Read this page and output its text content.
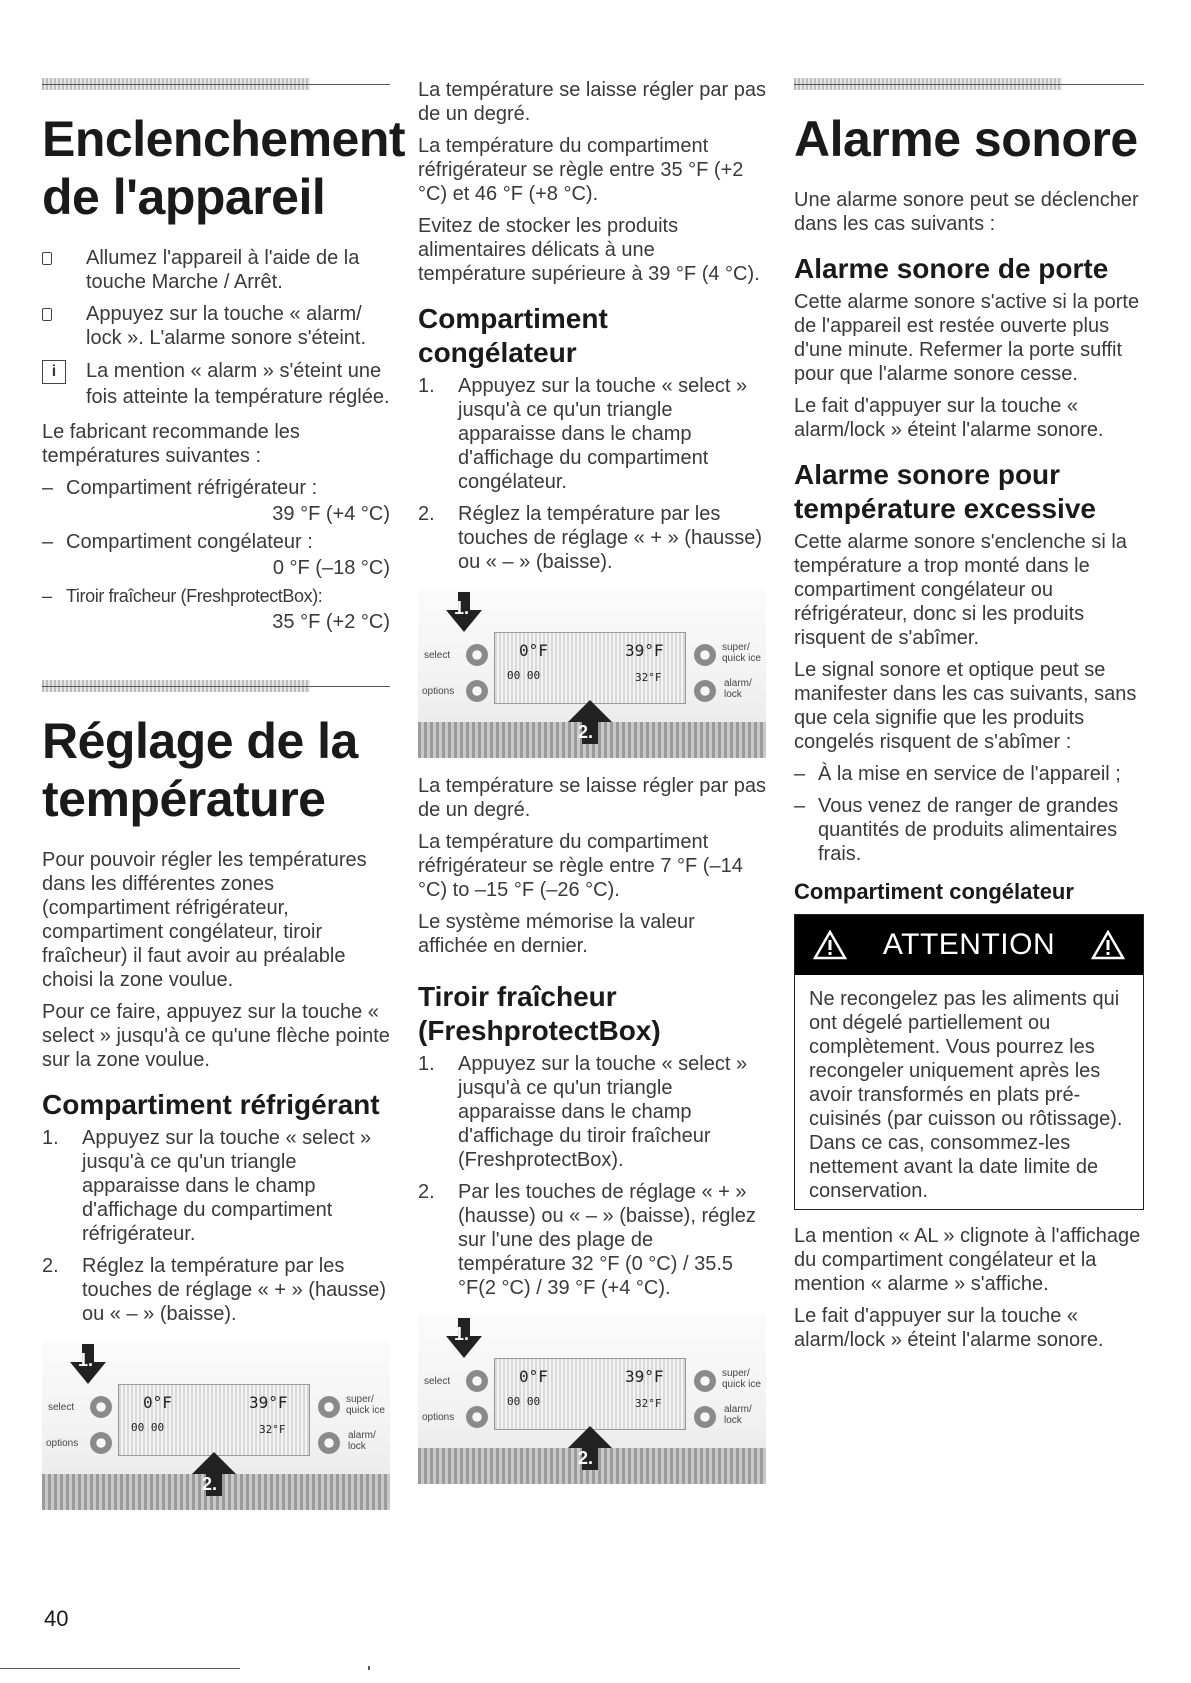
Enclenchement de l'appareil
Allumez l'appareil à l'aide de la touche Marche / Arrêt.
Appuyez sur la touche « alarm/ lock ». L'alarme sonore s'éteint.
i	La mention « alarm » s'éteint une fois atteinte la température réglée.

Le fabricant recommande les températures suivantes :

– Compartiment réfrigérateur :
39 °F (+4 °C)
– Compartiment congélateur :
0 °F (–18 °C)
– Tiroir fraîcheur (FreshprotectBox):
35 °F (+2 °C)
Réglage de la température

Pour pouvoir régler les températures dans les différentes zones (compartiment réfrigérateur, compartiment congélateur, tiroir fraîcheur) il faut avoir au préalable choisi la zone voulue.

Pour ce faire, appuyez sur la touche « select » jusqu'à ce qu'une flèche pointe sur la zone voulue.

Compartiment réfrigérant
1. Appuyez sur la touche « select » jusqu'à ce qu'un triangle apparaisse dans le champ d'affichage du compartiment réfrigérateur.
2. Réglez la température par les touches de réglage « + » (hausse) ou « – » (baisse).
1.
select
options
0°F
00 00
39°F
32°F
super/ quick ice
alarm/ lock
2.

La température se laisse régler par pas de un degré.

La température du compartiment réfrigérateur se règle entre 35 °F (+2 °C) et 46 °F (+8 °C).

Evitez de stocker les produits alimentaires délicats à une température supérieure à 39 °F (4 °C).

Compartiment congélateur
1. Appuyez sur la touche « select » jusqu'à ce qu'un triangle apparaisse dans le champ d'affichage du compartiment congélateur.
2. Réglez la température par les touches de réglage « + » (hausse) ou « – » (baisse).
1.
select
options
0°F
00 00
39°F
32°F
super/ quick ice
alarm/ lock
2.

La température se laisse régler par pas de un degré.

La température du compartiment réfrigérateur se règle entre 7 °F (–14 °C) to –15 °F (–26 °C).

Le système mémorise la valeur affichée en dernier.

Tiroir fraîcheur (FreshprotectBox)
1. Appuyez sur la touche « select » jusqu'à ce qu'un triangle apparaisse dans le champ d'affichage du tiroir fraîcheur (FreshprotectBox).
2. Par les touches de réglage « + » (hausse) ou « – » (baisse), réglez sur l'une des plage de température 32 °F (0 °C) / 35.5 °F(2 °C) / 39 °F (+4 °C).
1.
select
options
0°F
00 00
39°F
32°F
super/ quick ice
alarm/ lock
2.
Alarme sonore

Une alarme sonore peut se déclencher dans les cas suivants :

Alarme sonore de porte

Cette alarme sonore s'active si la porte de l'appareil est restée ouverte plus d'une minute. Refermer la porte suffit pour que l'alarme sonore cesse.

Le fait d'appuyer sur la touche « alarm/lock » éteint l'alarme sonore.

Alarme sonore pour température excessive

Cette alarme sonore s'enclenche si la température a trop monté dans le compartiment congélateur ou réfrigérateur, donc si les produits risquent de s'abîmer.

Le signal sonore et optique peut se manifester dans les cas suivants, sans que cela signifie que les produits congelés risquent de s'abîmer :

– À la mise en service de l'appareil ;
– Vous venez de ranger de grandes quantités de produits alimentaires frais.
Compartiment congélateur
ATTENTION

Ne recongelez pas les aliments qui ont dégelé partiellement ou complètement. Vous pourrez les recongeler uniquement après les avoir transformés en plats pré-cuisinés (par cuisson ou rôtissage). Dans ce cas, consommez-les nettement avant la date limite de conservation.

La mention « AL » clignote à l'affichage du compartiment congélateur et la mention « alarme » s'affiche.

Le fait d'appuyer sur la touche « alarm/lock » éteint l'alarme sonore.

40
